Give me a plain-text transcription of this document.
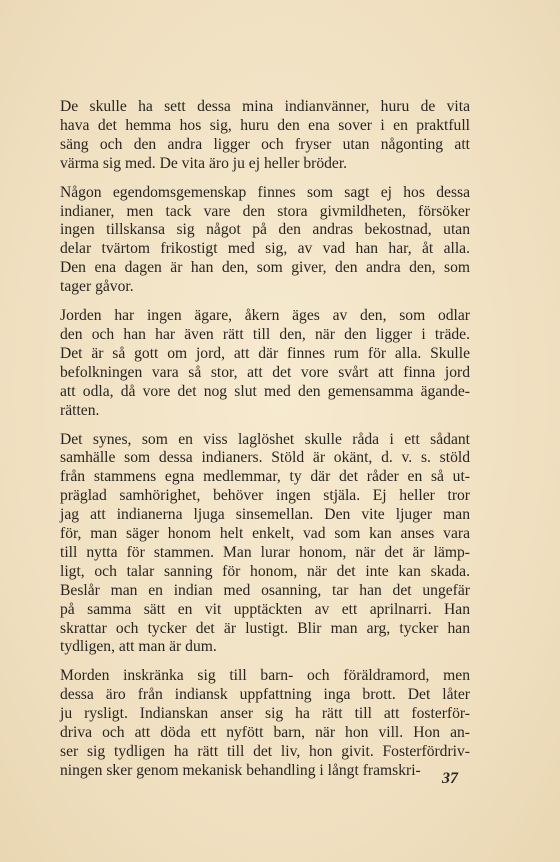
De skulle ha sett dessa mina indianvänner, huru de vita
hava det hemma hos sig, huru den ena sover i en praktfull
säng och den andra ligger och fryser utan någonting att
värma sig med. De vita äro ju ej heller bröder.

Någon egendomsgemenskap finnes som sagt ej hos dessa
indianer, men tack vare den stora givmildheten, försöker
ingen tillskansa sig något på den andras bekostnad, utan
delar tvärtom frikostigt med sig, av vad han har, åt alla.
Den ena dagen är han den, som giver, den andra den, som
tager gåvor.

Jorden har ingen ägare, åkern äges av den, som odlar
den och han har även rätt till den, när den ligger i träde.
Det är så gott om jord, att där finnes rum för alla. Skulle
befolkningen vara så stor, att det vore svårt att finna jord
att odla, då vore det nog slut med den gemensamma ägande-
rätten.

Det synes, som en viss laglöshet skulle råda i ett sådant
samhälle som dessa indianers. Stöld är okänt, d. v. s. stöld
från stammens egna medlemmar, ty där det råder en så ut-
präglad samhörighet, behöver ingen stjäla. Ej heller tror
jag att indianerna ljuga sinsemellan. Den vite ljuger man
för, man säger honom helt enkelt, vad som kan anses vara
till nytta för stammen. Man lurar honom, när det är lämp-
ligt, och talar sanning för honom, när det inte kan skada.
Beslår man en indian med osanning, tar han det ungefär
på samma sätt en vit upptäckten av ett aprilnarri. Han
skrattar och tycker det är lustigt. Blir man arg, tycker han
tydligen, att man är dum.

Morden inskränka sig till barn- och föräldramord, men
dessa äro från indiansk uppfattning inga brott. Det låter
ju rysligt. Indianskan anser sig ha rätt till att fosterför-
driva och att döda ett nyfött barn, när hon vill. Hon an-
ser sig tydligen ha rätt till det liv, hon givit. Fosterfördriv-
ningen sker genom mekanisk behandling i långt framskri-	37
